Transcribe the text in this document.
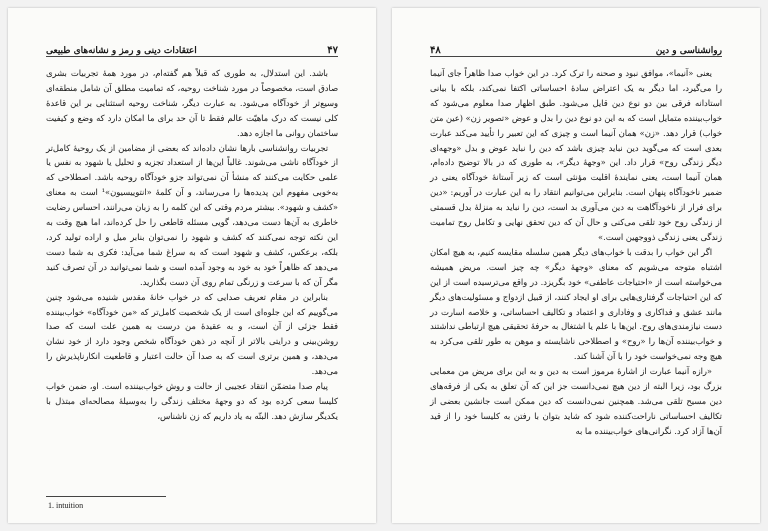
۴۷
اعتقادات دینی و رمز و نشانه‌های طبیعی

باشد. این استدلال، به طوری که قبلاً هم گفته‌ام، در مورد همهٔ تجربیات بشری صادق است، مخصوصاً در مورد شناخت روحیه، که تمامیت مطلق آن شامل منطقه‌ای وسیع‌تر از خودآگاه می‌شود. به عبارت دیگر، شناخت روحیه استثنایی بر این قاعدهٔ کلی نیست که درک ماهیّت عالم فقط تا آن حد برای ما امکان دارد که وضع و کیفیت ساختمان روانی ما اجازه دهد.

تجربیات روانشناسی بارها نشان داده‌اند که بعضی از مضامین از یک روحیهٔ کامل‌تر از خودآگاه ناشی می‌شوند. غالباً این‌ها از استعداد تجزیه و تحلیل یا شهود به نفس یا علمی حکایت می‌کنند که منشأ آن نمی‌تواند جزو خودآگاه روحیه باشد. اصطلاحی که به‌خوبی مفهوم این پدیده‌ها را می‌رساند، و آن کلمهٔ «انتوییسیون»¹ است به معنای «کشف و شهود». بیشتر مردم وقتی که این کلمه را به زبان می‌رانند، احساس رضایت خاطری به آن‌ها دست می‌دهد، گویی مسئله قاطعی را حل کرده‌اند، اما هیچ وقت به این نکته توجه نمی‌کنند که کشف و شهود را نمی‌توان بنابر میل و اراده تولید کرد، بلکه، برعکس، کشف و شهود است که به سراغ شما می‌آید: فکری به شما دست می‌دهد که ظاهراً خود به خود به وجود آمده است و شما نمی‌توانید در آن تصرف کنید مگر آن که با سرعت و زرنگی تمام روی آن دست بگذارید.

بنابراین در مقام تعریف صدایی که در خواب خانهٔ مقدس شنیده می‌شود چنین می‌گوییم که این جلوه‌ای است از یک شخصیت کامل‌تر که «من خودآگاه» خواب‌بیننده فقط جزئی از آن است، و به عقیدهٔ من درست به همین علت است که صدا روشن‌بینی و درایتی بالاتر از آنچه در ذهن خودآگاه شخص وجود دارد از خود نشان می‌دهد، و همین برتری است که به صدا آن حالت اعتبار و قاطعیت انکارناپذیرش را می‌دهد.

پیام صدا متضمّن انتقاد عجیبی از حالت و روش خواب‌بیننده است. او، ضمن خواب کلیسا سعی کرده بود که دو وجههٔ مختلف زندگی را به‌وسیلهٔ مصالحه‌ای مبتذل با یکدیگر سازش دهد. البتّه به یاد داریم که زن ناشناس،

1. intuition
روانشناسی و دین
۴۸

یعنی «آنیما»، موافق نبود و صحنه را ترک کرد. در این خواب صدا ظاهراً جای آنیما را می‌گیرد، اما دیگر به یک اعتراض سادهٔ احساساتی اکتفا نمی‌کند، بلکه با بیانی استادانه فرقی بین دو نوع دین قایل می‌شود. طبق اظهار صدا معلوم می‌شود که خواب‌بیننده متمایل است که به این دو نوع دین را بدل و عوض «تصویر زن» (عین متن خواب) قرار دهد. «زن» همان آنیما است و چیزی که این تعبیر را تأیید می‌کند عبارت بعدی است که می‌گوید دین نباید چیزی باشد که دین را نباید عوض و بدل «وجهه‌ای دیگر زندگی روح» قرار داد. این «وجههٔ دیگر»، به طوری که در بالا توضیح داده‌ام، همان آنیما است، یعنی نمایندهٔ اقلیت مؤنثی است که زیر آستانهٔ خودآگاه یعنی در ضمیر ناخودآگاه پنهان است. بنابراین می‌توانیم انتقاد را به این عبارت در آوریم: «دین برای فرار از ناخودآگاهت به دین می‌آوری بد است، دین را نباید به منزلهٔ بدل قسمتی از زندگی روح خود تلقی می‌کنی و حال آن که دین تحقق نهایی و تکامل روح تمامیت زندگی یعنی زندگی ذووجهین است.»

اگر این خواب را بدقت با خواب‌های دیگر همین سلسله مقایسه کنیم، به هیچ امکان اشتباه متوجه می‌شویم که معنای «وجههٔ دیگر» چه چیز است. مریض همیشه می‌خواسته است از «احتیاجات عاطفی» خود بگریزد. در واقع می‌ترسیده است از این که این احتیاجات گرفتاری‌هایی برای او ایجاد کنند، از قبیل ازدواج و مسئولیت‌های دیگر مانند عشق و فداکاری و وفاداری و اعتماد و تکالیف احساساتی، و خلاصه اسارت در دست نیازمندی‌های روح. این‌ها با علم یا اشتغال به حرفهٔ تحقیقی هیچ ارتباطی نداشتند و خواب‌بیننده آن‌ها را «روح» و اصطلاحی ناشایسته و موهن به طور تلقی می‌کرد به هیچ وجه نمی‌خواست خود را با آن آشنا کند.

«رازه آنیما عبارت از اشارهٔ مرموز است به دین و به این برای مریض من معمایی بزرگ بود، زیرا البته از دین هیچ نمی‌دانست جز این که آن تعلق به یکی از فرقه‌های دین مسیح تلقی می‌شد. همچنین نمی‌دانست که دین ممکن است جانشین بعضی از تکالیف احساساتی ناراحت‌کننده شود که شاید بتوان با رفتن به کلیسا خود را از قید آن‌ها آزاد کرد. نگرانی‌های خواب‌بیننده ما به
